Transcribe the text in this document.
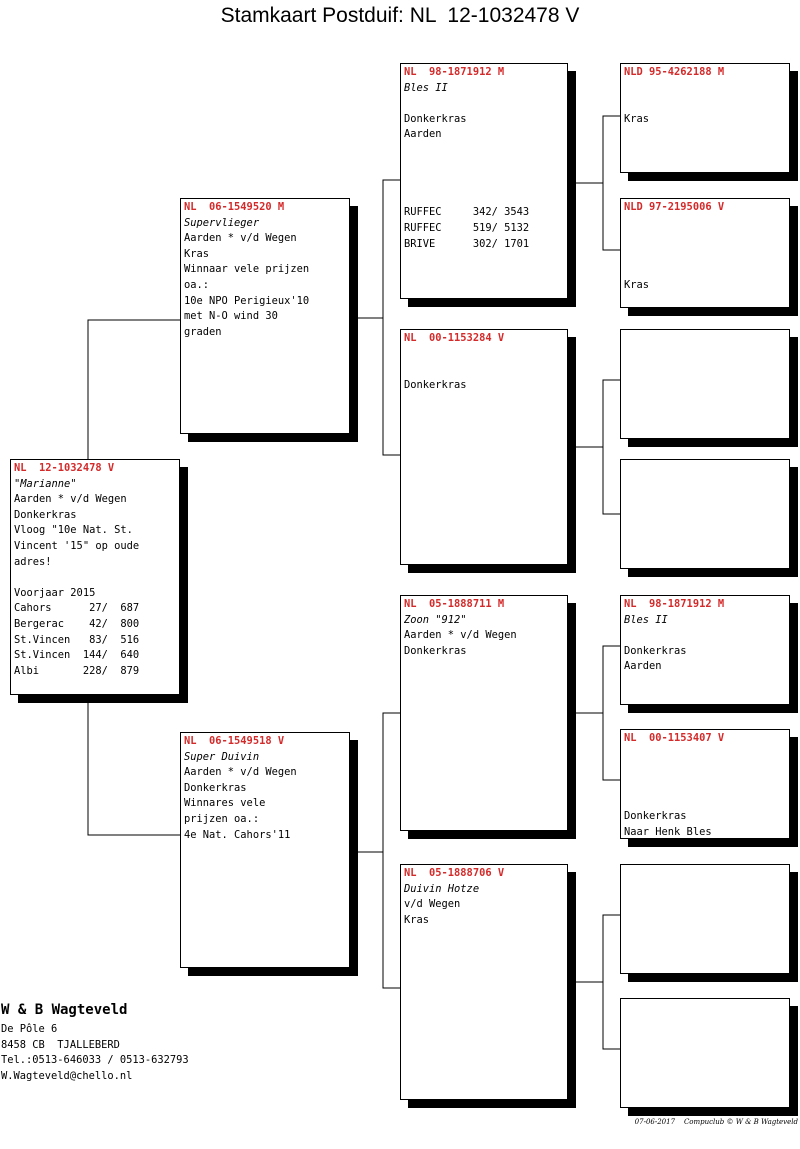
Stamkaart Postduif: NL  12-1032478 V
NL  12-1032478 V
"Marianne"
Aarden * v/d Wegen
Donkerkras
Vloog "10e Nat. St.
Vincent '15" op oude
adres!
Voorjaar 2015
Cahors      27/  687
Bergerac    42/  800
St.Vincen   83/  516
St.Vincen  144/  640
Albi       228/  879
NL  06-1549520 M
Supervlieger
Aarden * v/d Wegen
Kras
Winnaar vele prijzen
oa.:
10e NPO Perigieux'10
met N-O wind 30
graden
NL  06-1549518 V
Super Duivin
Aarden * v/d Wegen
Donkerkras
Winnares vele
prijzen oa.:
4e Nat. Cahors'11
NL  98-1871912 M
Bles II
Donkerkras
Aarden
RUFFEC     342/ 3543
RUFFEC     519/ 5132
BRIVE      302/ 1701
NL  00-1153284 V
Donkerkras
NL  05-1888711 M
Zoon "912"
Aarden * v/d Wegen
Donkerkras
NL  05-1888706 V
Duivin Hotze
v/d Wegen
Kras
NLD 95-4262188 M
Kras
NLD 97-2195006 V
Kras
NL  98-1871912 M
Bles II
Donkerkras
Aarden
NL  00-1153407 V
Donkerkras
Naar Henk Bles
W & B Wagteveld
De Pôle 6
8458 CB  TJALLEBERD
Tel.:0513-646033 / 0513-632793
W.Wagteveld@chello.nl
07-06-2017 Compuclub © W & B Wagteveld
